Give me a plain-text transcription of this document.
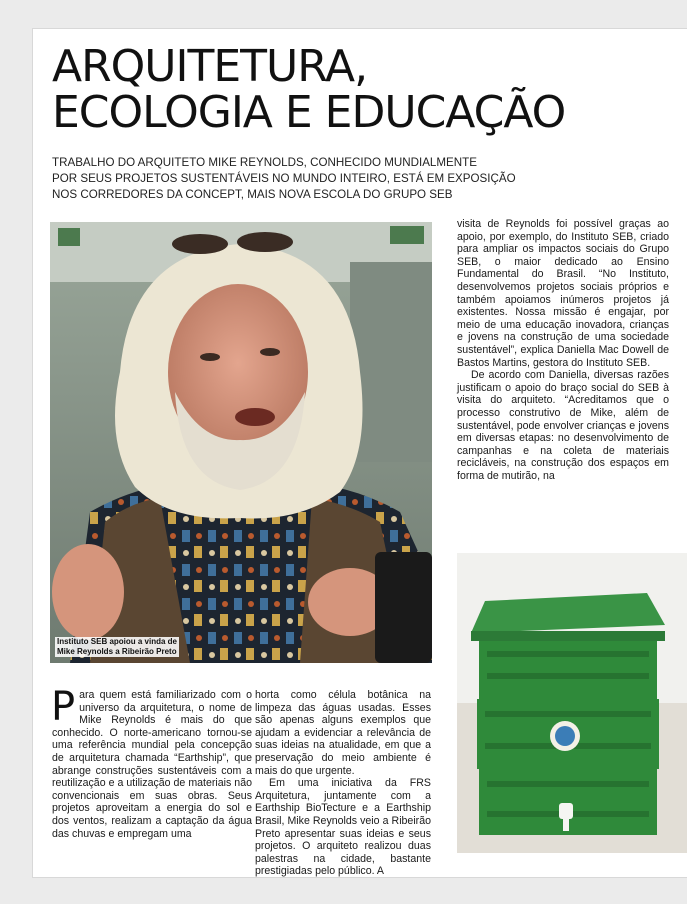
ARQUITETURA,
ECOLOGIA E EDUCAÇÃO
TRABALHO DO ARQUITETO MIKE REYNOLDS, CONHECIDO MUNDIALMENTE
POR SEUS PROJETOS SUSTENTÁVEIS NO MUNDO INTEIRO, ESTÁ EM EXPOSIÇÃO
NOS CORREDORES DA CONCEPT, MAIS NOVA ESCOLA DO GRUPO SEB
Instituto SEB apoiou a vinda de
Mike Reynolds a Ribeirão Preto

visita de Reynolds foi possível graças ao apoio, por exemplo, do Instituto SEB, criado para ampliar os impactos sociais do Grupo SEB, o maior dedicado ao Ensino Fundamental do Brasil. “No Instituto, desenvolvemos projetos sociais próprios e também apoiamos inúmeros projetos já existentes. Nossa missão é engajar, por meio de uma educação inovadora, crianças e jovens na construção de uma sociedade sustentável”, explica Daniella Mac Dowell de Bastos Martins, gestora do Instituto SEB.

De acordo com Daniella, diversas razões justificam o apoio do braço social do SEB à visita do arquiteto. “Acreditamos que o processo construtivo de Mike, além de sustentável, pode envolver crianças e jovens em diversas etapas: no desenvolvimento de campanhas e na coleta de materiais recicláveis, na construção dos espaços em forma de mutirão, na

Para quem está familiarizado com o universo da arquitetura, o nome de Mike Reynolds é mais do que conhecido. O norte-americano tornou-se uma referência mundial pela concepção de arquitetura chamada “Earthship”, que abrange construções sustentáveis com a reutilização e a utilização de materiais não convencionais em suas obras. Seus projetos aproveitam a energia do sol e dos ventos, realizam a captação da água das chuvas e empregam uma

horta como célula botânica na limpeza das águas usadas. Esses são apenas alguns exemplos que ajudam a evidenciar a relevância de suas ideias na atualidade, em que a preservação do meio ambiente é mais do que urgente.

Em uma iniciativa da FRS Arquitetura, juntamente com a Earthship BioTecture e a Earthship Brasil, Mike Reynolds veio a Ribeirão Preto apresentar suas ideias e seus projetos. O arquiteto realizou duas palestras na cidade, bastante prestigiadas pelo público. A
